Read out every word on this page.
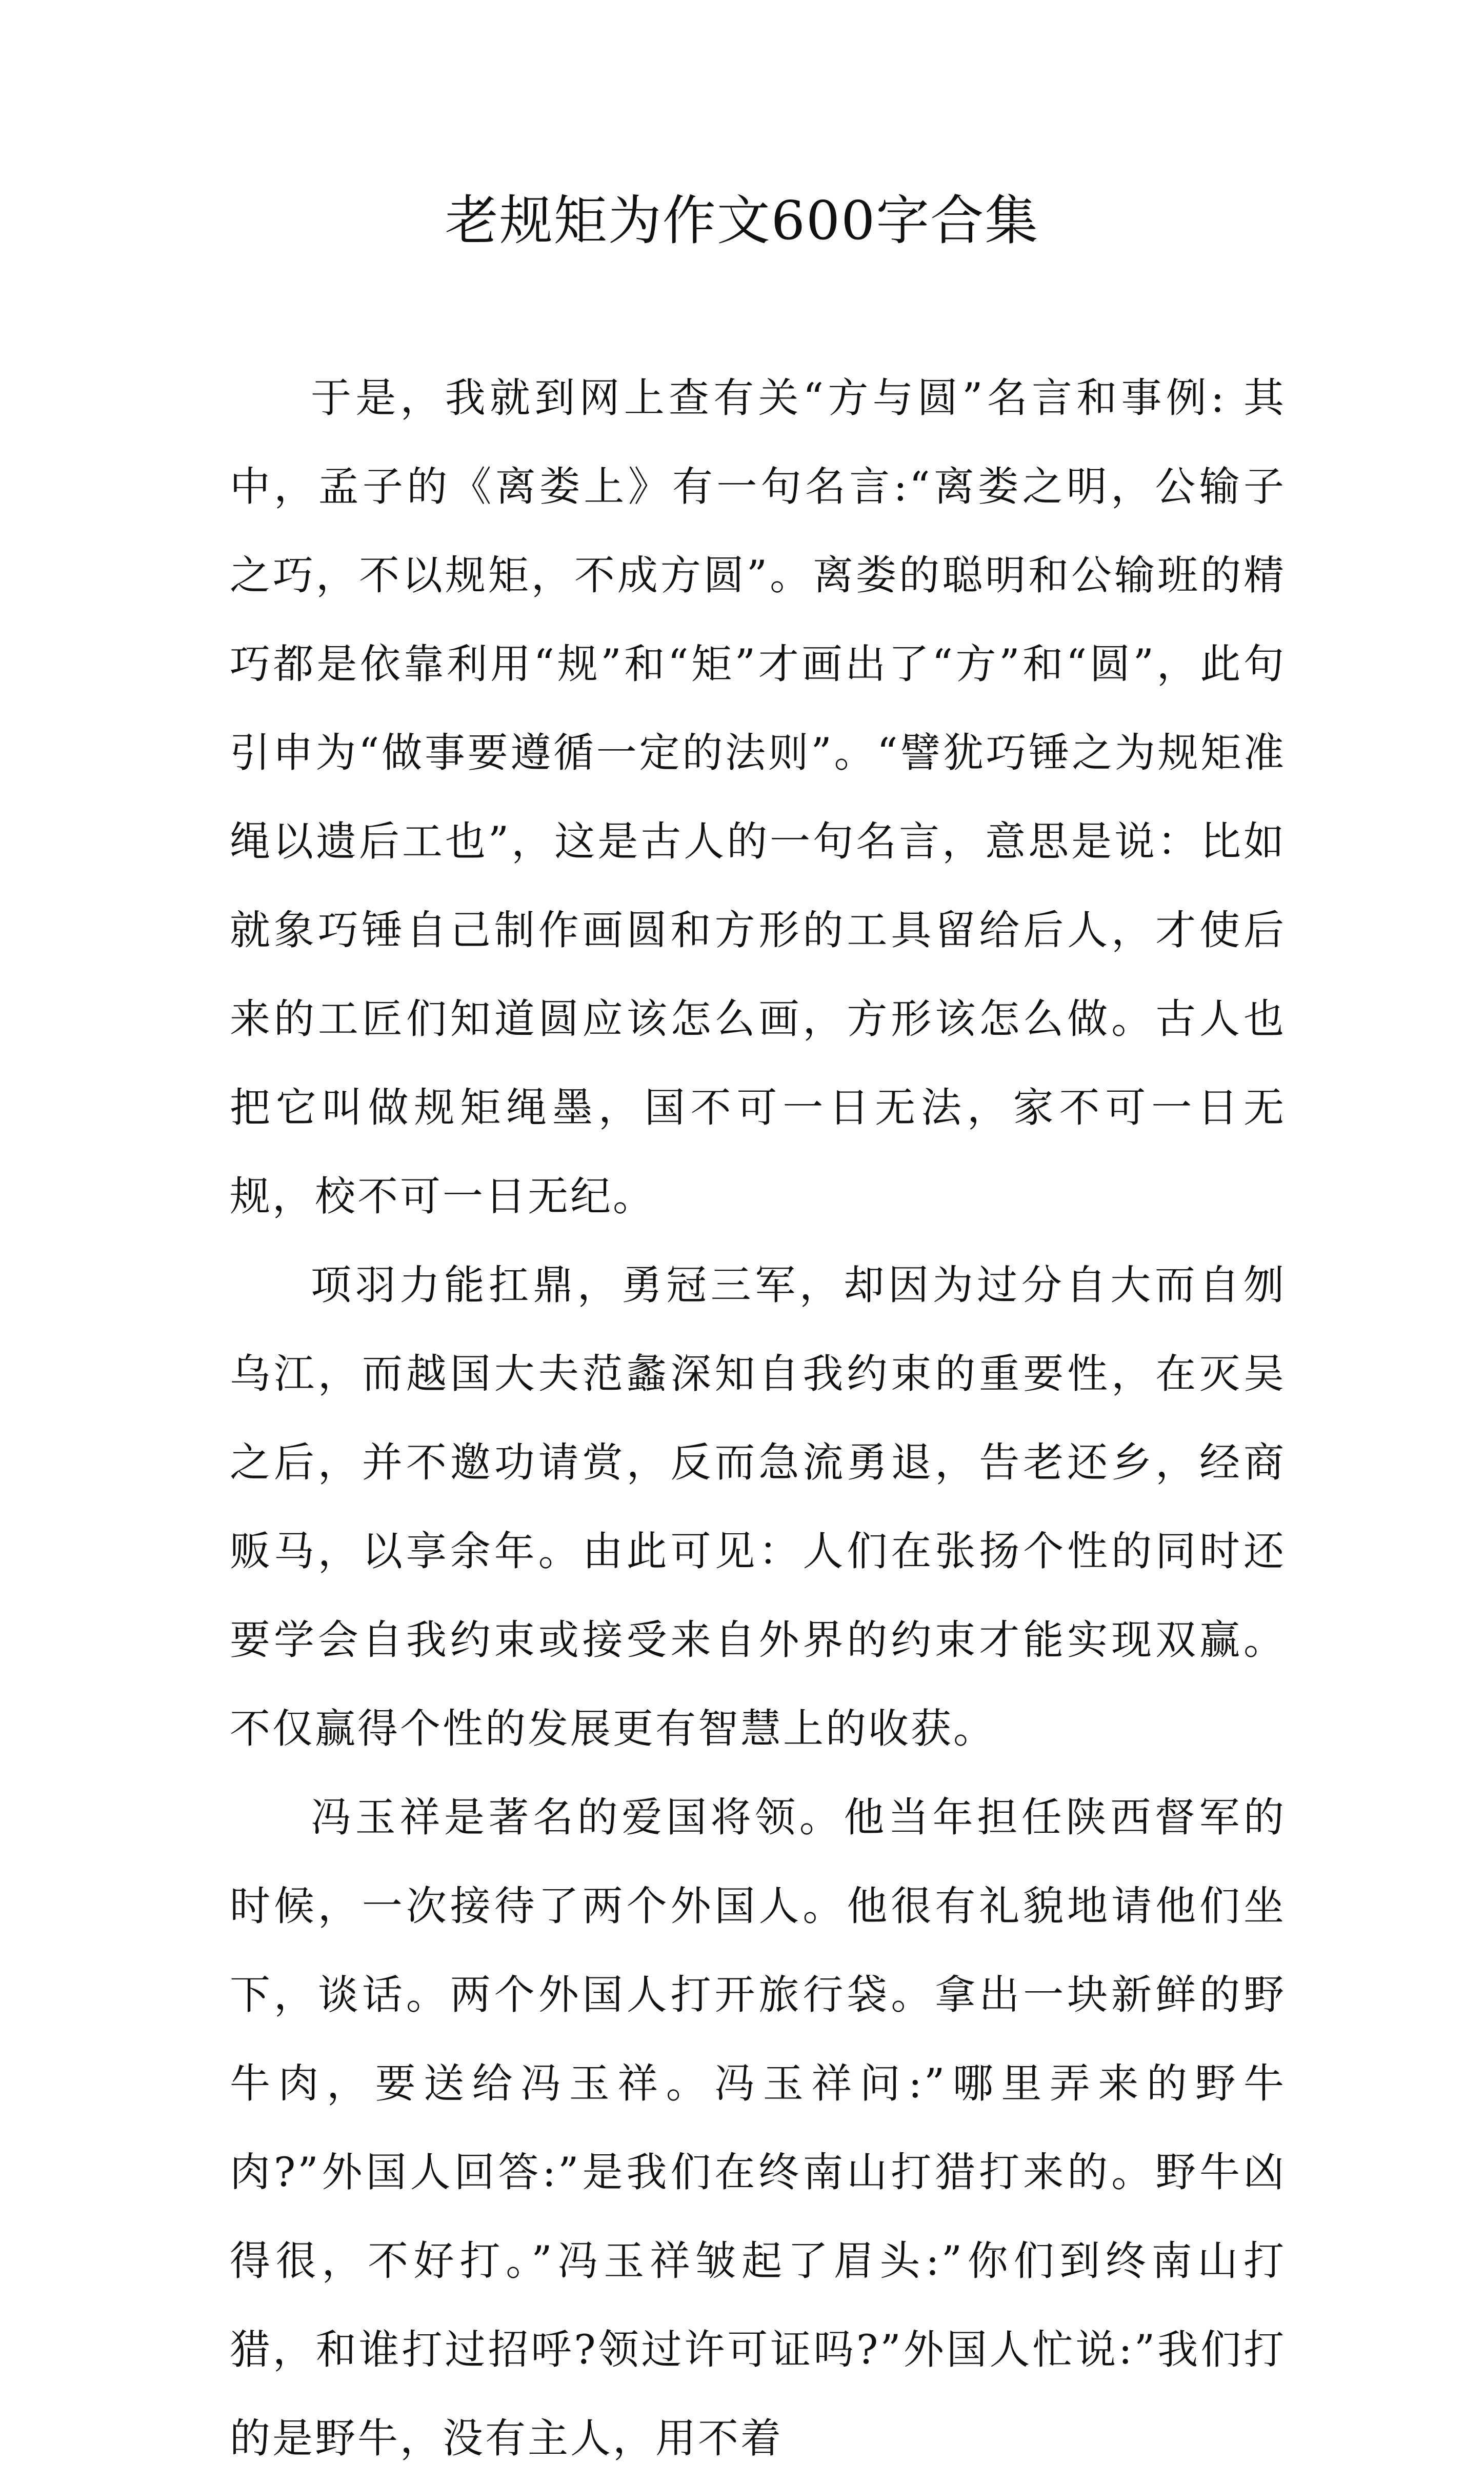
老规矩为作文600字合集

于是，我就到网上查有关“方与圆”名言和事例: 其中，孟子的《离娄上》有一句名言:“离娄之明，公输子之巧，不以规矩，不成方圆”。离娄的聪明和公输班的精巧都是依靠利用“规”和“矩”才画出了“方”和“圆”，此句引申为“做事要遵循一定的法则”。“譬犹巧锤之为规矩准绳以遗后工也”，这是古人的一句名言，意思是说：比如就象巧锤自己制作画圆和方形的工具留给后人，才使后来的工匠们知道圆应该怎么画，方形该怎么做。古人也把它叫做规矩绳墨，国不可一日无法，家不可一日无规，校不可一日无纪。

项羽力能扛鼎，勇冠三军，却因为过分自大而自刎乌江，而越国大夫范蠡深知自我约束的重要性，在灭吴之后，并不邀功请赏，反而急流勇退，告老还乡，经商贩马，以享余年。由此可见：人们在张扬个性的同时还要学会自我约束或接受来自外界的约束才能实现双赢。不仅赢得个性的发展更有智慧上的收获。

冯玉祥是著名的爱国将领。他当年担任陕西督军的时候，一次接待了两个外国人。他很有礼貌地请他们坐下，谈话。两个外国人打开旅行袋。拿出一块新鲜的野牛肉，要送给冯玉祥。冯玉祥问:”哪里弄来的野牛肉?”外国人回答:”是我们在终南山打猎打来的。野牛凶得很，不好打。”冯玉祥皱起了眉头:”你们到终南山打猎，和谁打过招呼?领过许可证吗?”外国人忙说:”我们打的是野牛，没有主人，用不着
